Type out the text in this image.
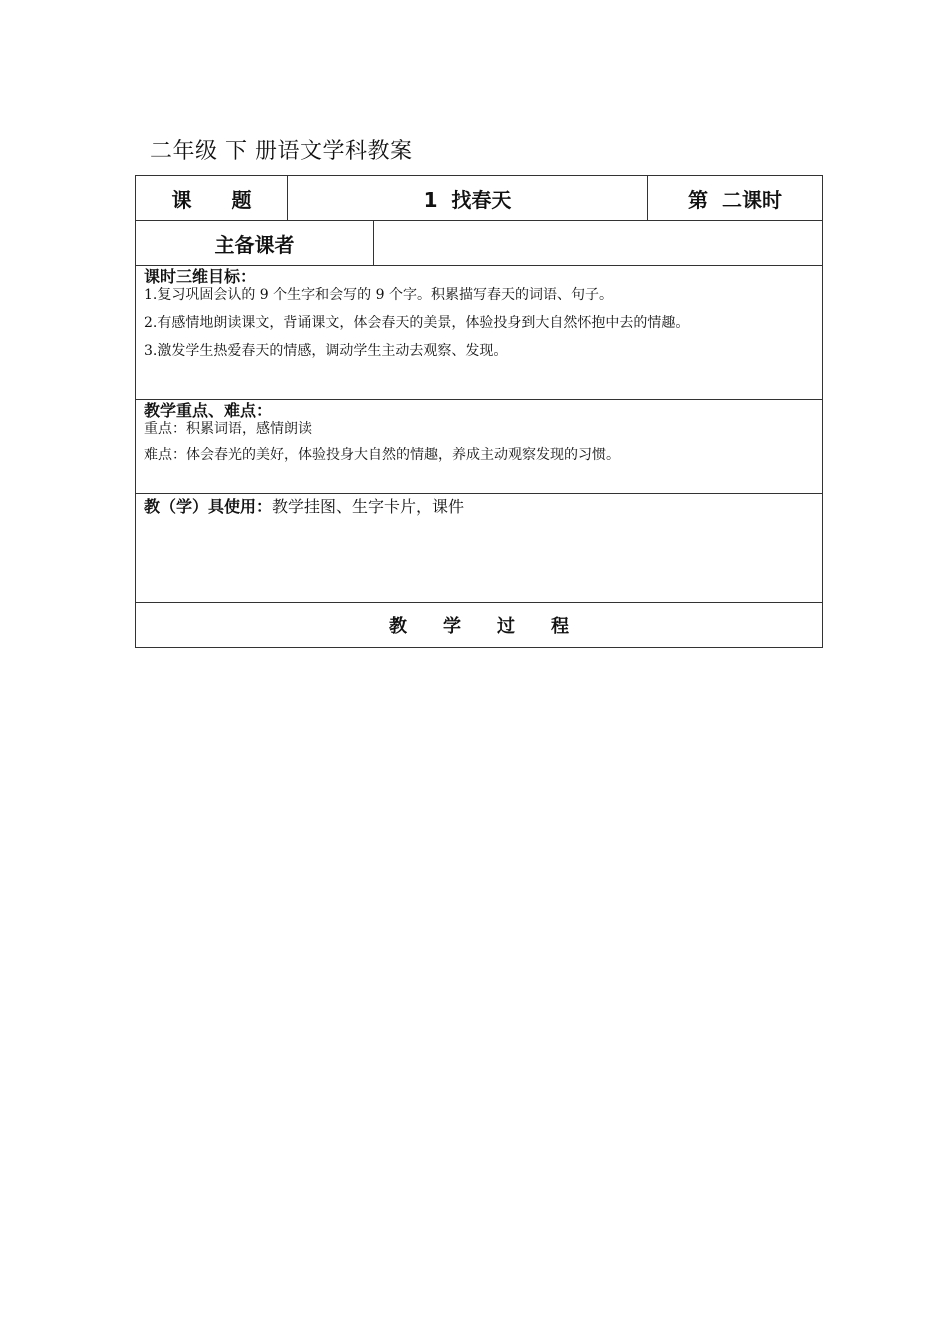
二年级 下 册语文学科教案
课　　题	1  找春天	第  二课时
主备课者
课时三维目标：
1.复习巩固会认的 9 个生字和会写的 9 个字。积累描写春天的词语、句子。
2.有感情地朗读课文，背诵课文，体会春天的美景，体验投身到大自然怀抱中去的情趣。
3.激发学生热爱春天的情感，调动学生主动去观察、发现。
教学重点、难点：
重点：积累词语，感情朗读
难点：体会春光的美好，体验投身大自然的情趣，养成主动观察发现的习惯。
教（学）具使用：教学挂图、生字卡片，课件
教　　学　　过　　程
